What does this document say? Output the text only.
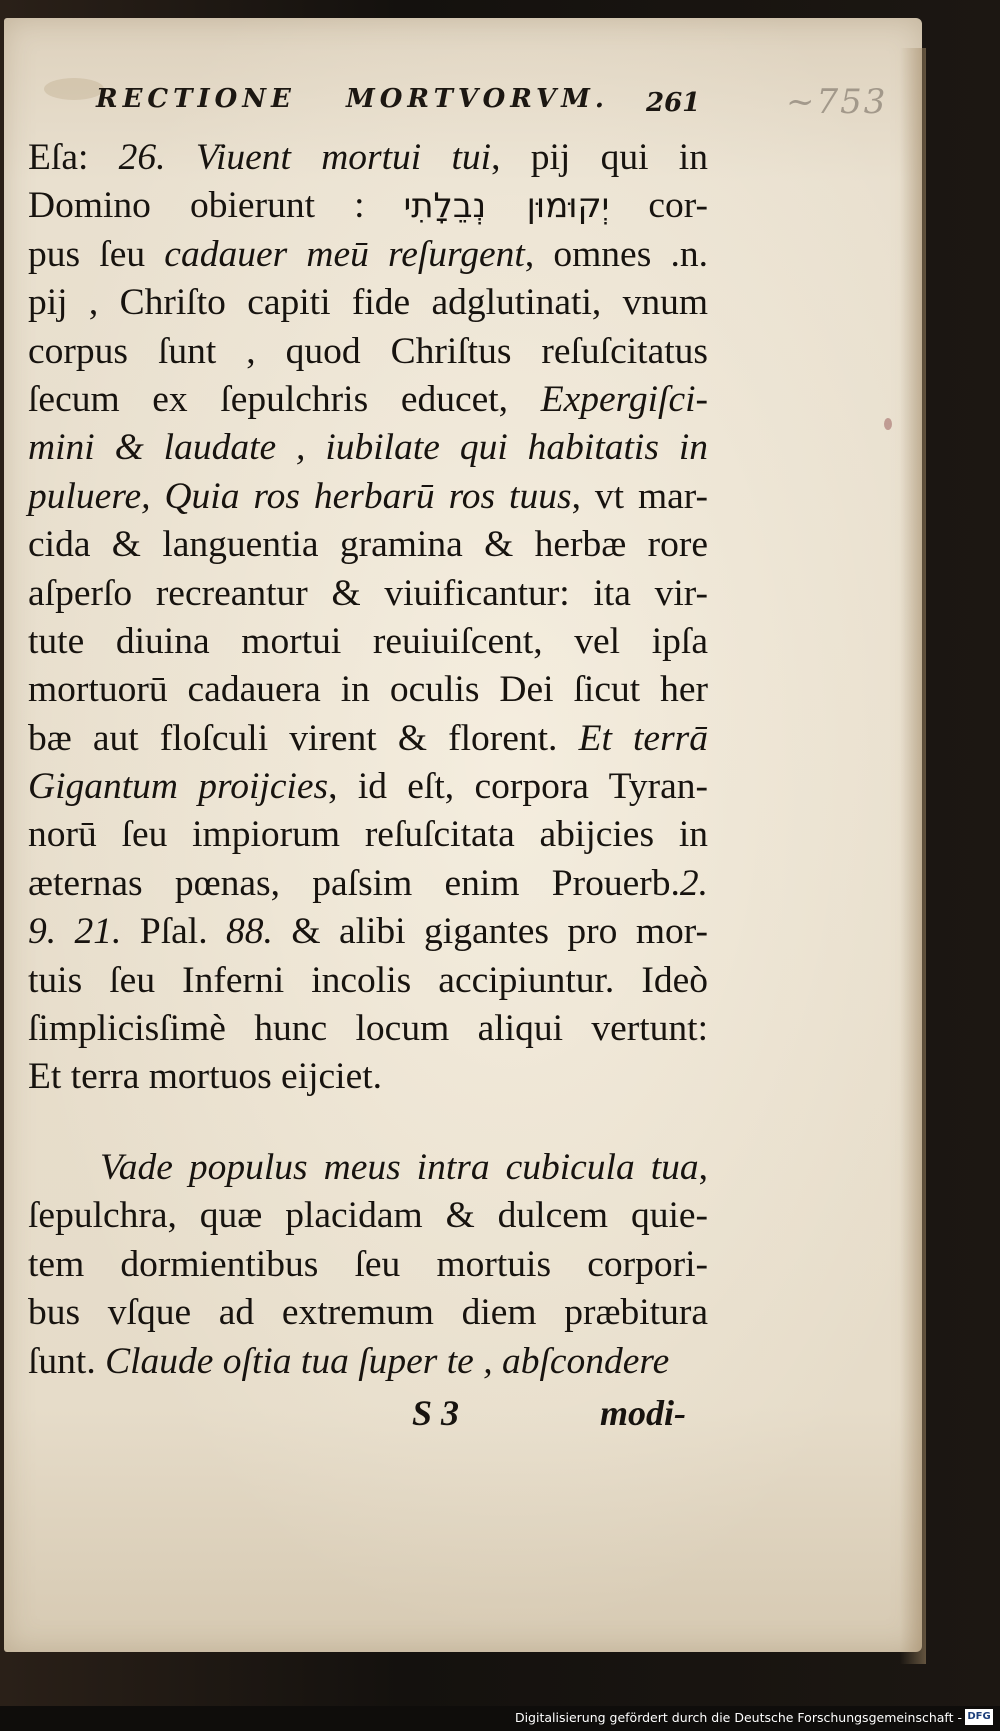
RECTIONE MORTVORVM. 261	~753
Eſa: 26. Viuent mortui tui, pij qui in
Domino obierunt : יְקוּמוּן נְבֵלָתִי cor-
pus ſeu cadauer meū reſurgent, omnes .n.
pij , Chriſto capiti fide adglutinati, vnum
corpus ſunt , quod Chriſtus reſuſcitatus
ſecum ex ſepulchris educet, Expergiſci-
mini & laudate , iubilate qui habitatis in
puluere, Quia ros herbarū ros tuus, vt mar-
cida & languentia gramina & herbæ rore
aſperſo recreantur & viuificantur: ita vir-
tute diuina mortui reuiuiſcent, vel ipſa
mortuorū cadauera in oculis Dei ſicut her
bæ aut floſculi virent & florent. Et terrā
Gigantum proijcies, id eſt, corpora Tyran-
norū ſeu impiorum reſuſcitata abijcies in
æternas pœnas, paſsim enim Prouerb.2.
9. 21. Pſal. 88. & alibi gigantes pro mor-
tuis ſeu Inferni incolis accipiuntur. Ideò
ſimplicisſimè hunc locum aliqui vertunt:
Et terra mortuos eijciet.
Vade populus meus intra cubicula tua,
ſepulchra, quæ placidam & dulcem quie-
tem dormientibus ſeu mortuis corpori-
bus vſque ad extremum diem præbitura
ſunt. Claude oſtia tua ſuper te , abſcondere
S 3	modi-
Digitalisierung gefördert durch die Deutsche Forschungsgemeinschaft - DFG
